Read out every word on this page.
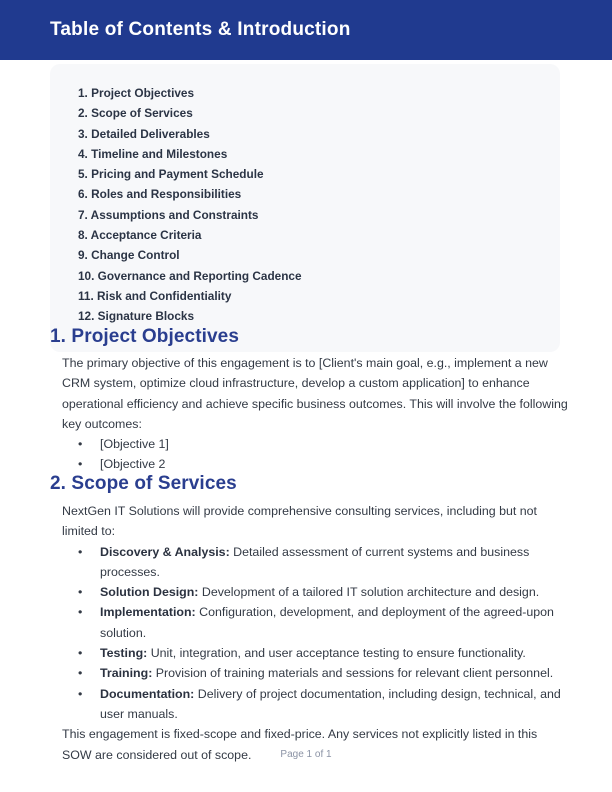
Table of Contents & Introduction
1. Project Objectives
2. Scope of Services
3. Detailed Deliverables
4. Timeline and Milestones
5. Pricing and Payment Schedule
6. Roles and Responsibilities
7. Assumptions and Constraints
8. Acceptance Criteria
9. Change Control
10. Governance and Reporting Cadence
11. Risk and Confidentiality
12. Signature Blocks
1. Project Objectives

The primary objective of this engagement is to [Client's main goal, e.g., implement a new CRM system, optimize cloud infrastructure, develop a custom application] to enhance operational efficiency and achieve specific business outcomes. This will involve the following key outcomes:

• [Objective 1]
• [Objective 2
2. Scope of Services

NextGen IT Solutions will provide comprehensive consulting services, including but not limited to:

• Discovery & Analysis: Detailed assessment of current systems and business processes.
• Solution Design: Development of a tailored IT solution architecture and design.
• Implementation: Configuration, development, and deployment of the agreed-upon solution.
• Testing: Unit, integration, and user acceptance testing to ensure functionality.
• Training: Provision of training materials and sessions for relevant client personnel.
• Documentation: Delivery of project documentation, including design, technical, and user manuals.

This engagement is fixed-scope and fixed-price. Any services not explicitly listed in this SOW are considered out of scope.	Page 1 of 1
